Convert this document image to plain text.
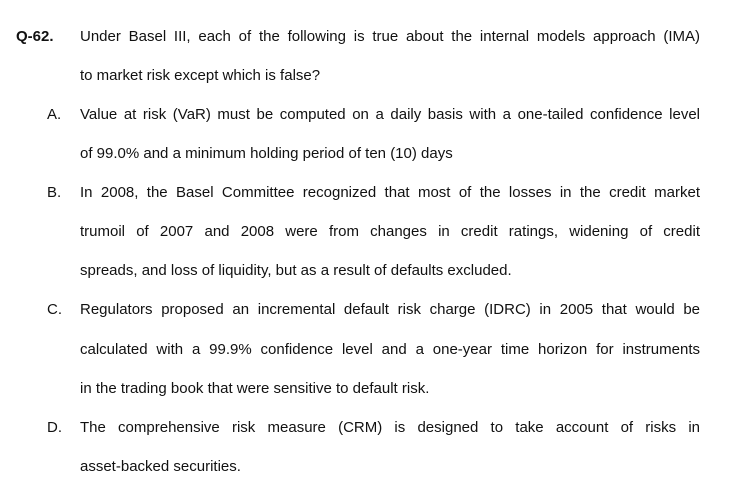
Q-62. Under Basel III, each of the following is true about the internal models approach (IMA)
to market risk except which is false?
A. Value at risk (VaR) must be computed on a daily basis with a one-tailed confidence level
of 99.0% and a minimum holding period of ten (10) days
B. In 2008, the Basel Committee recognized that most of the losses in the credit market
trumoil of 2007 and 2008 were from changes in credit ratings, widening of credit
spreads, and loss of liquidity, but as a result of defaults excluded.
C. Regulators proposed an incremental default risk charge (IDRC) in 2005 that would be
calculated with a 99.9% confidence level and a one-year time horizon for instruments
in the trading book that were sensitive to default risk.
D. The comprehensive risk measure (CRM) is designed to take account of risks in
asset-backed securities.
